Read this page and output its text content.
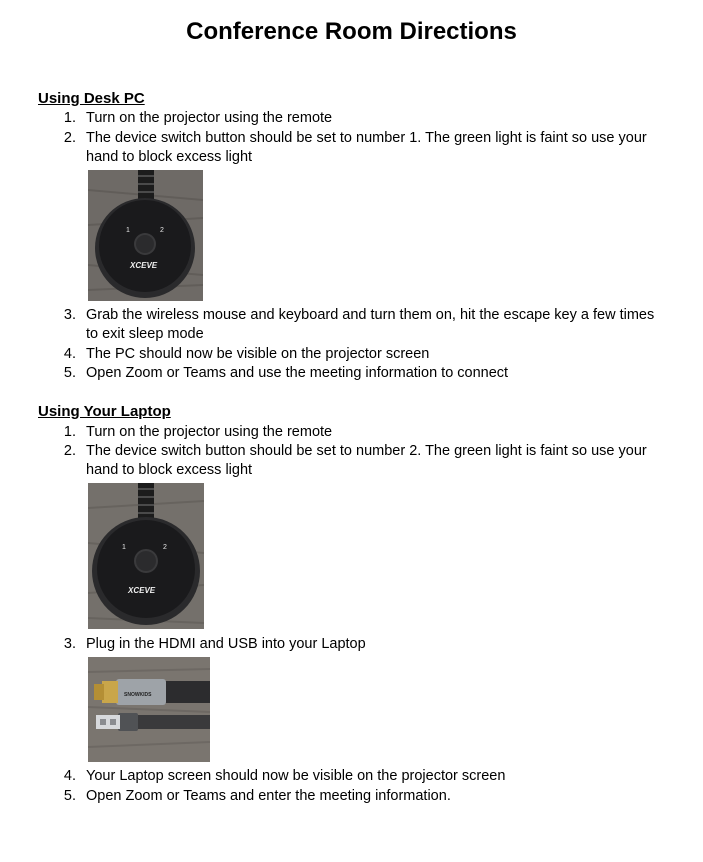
Conference Room Directions
Using Desk PC
1. Turn on the projector using the remote
2. The device switch button should be set to number 1. The green light is faint so use your hand to block excess light
1	2
XCEVE
3. Grab the wireless mouse and keyboard and turn them on, hit the escape key a few times to exit sleep mode
4. The PC should now be visible on the projector screen
5. Open Zoom or Teams and use the meeting information to connect
Using Your Laptop
1. Turn on the projector using the remote
2. The device switch button should be set to number 2. The green light is faint so use your hand to block excess light
1	2
XCEVE
3. Plug in the HDMI and USB into your Laptop
SNOWKIDS
4. Your Laptop screen should now be visible on the projector screen
5. Open Zoom or Teams and enter the meeting information.
